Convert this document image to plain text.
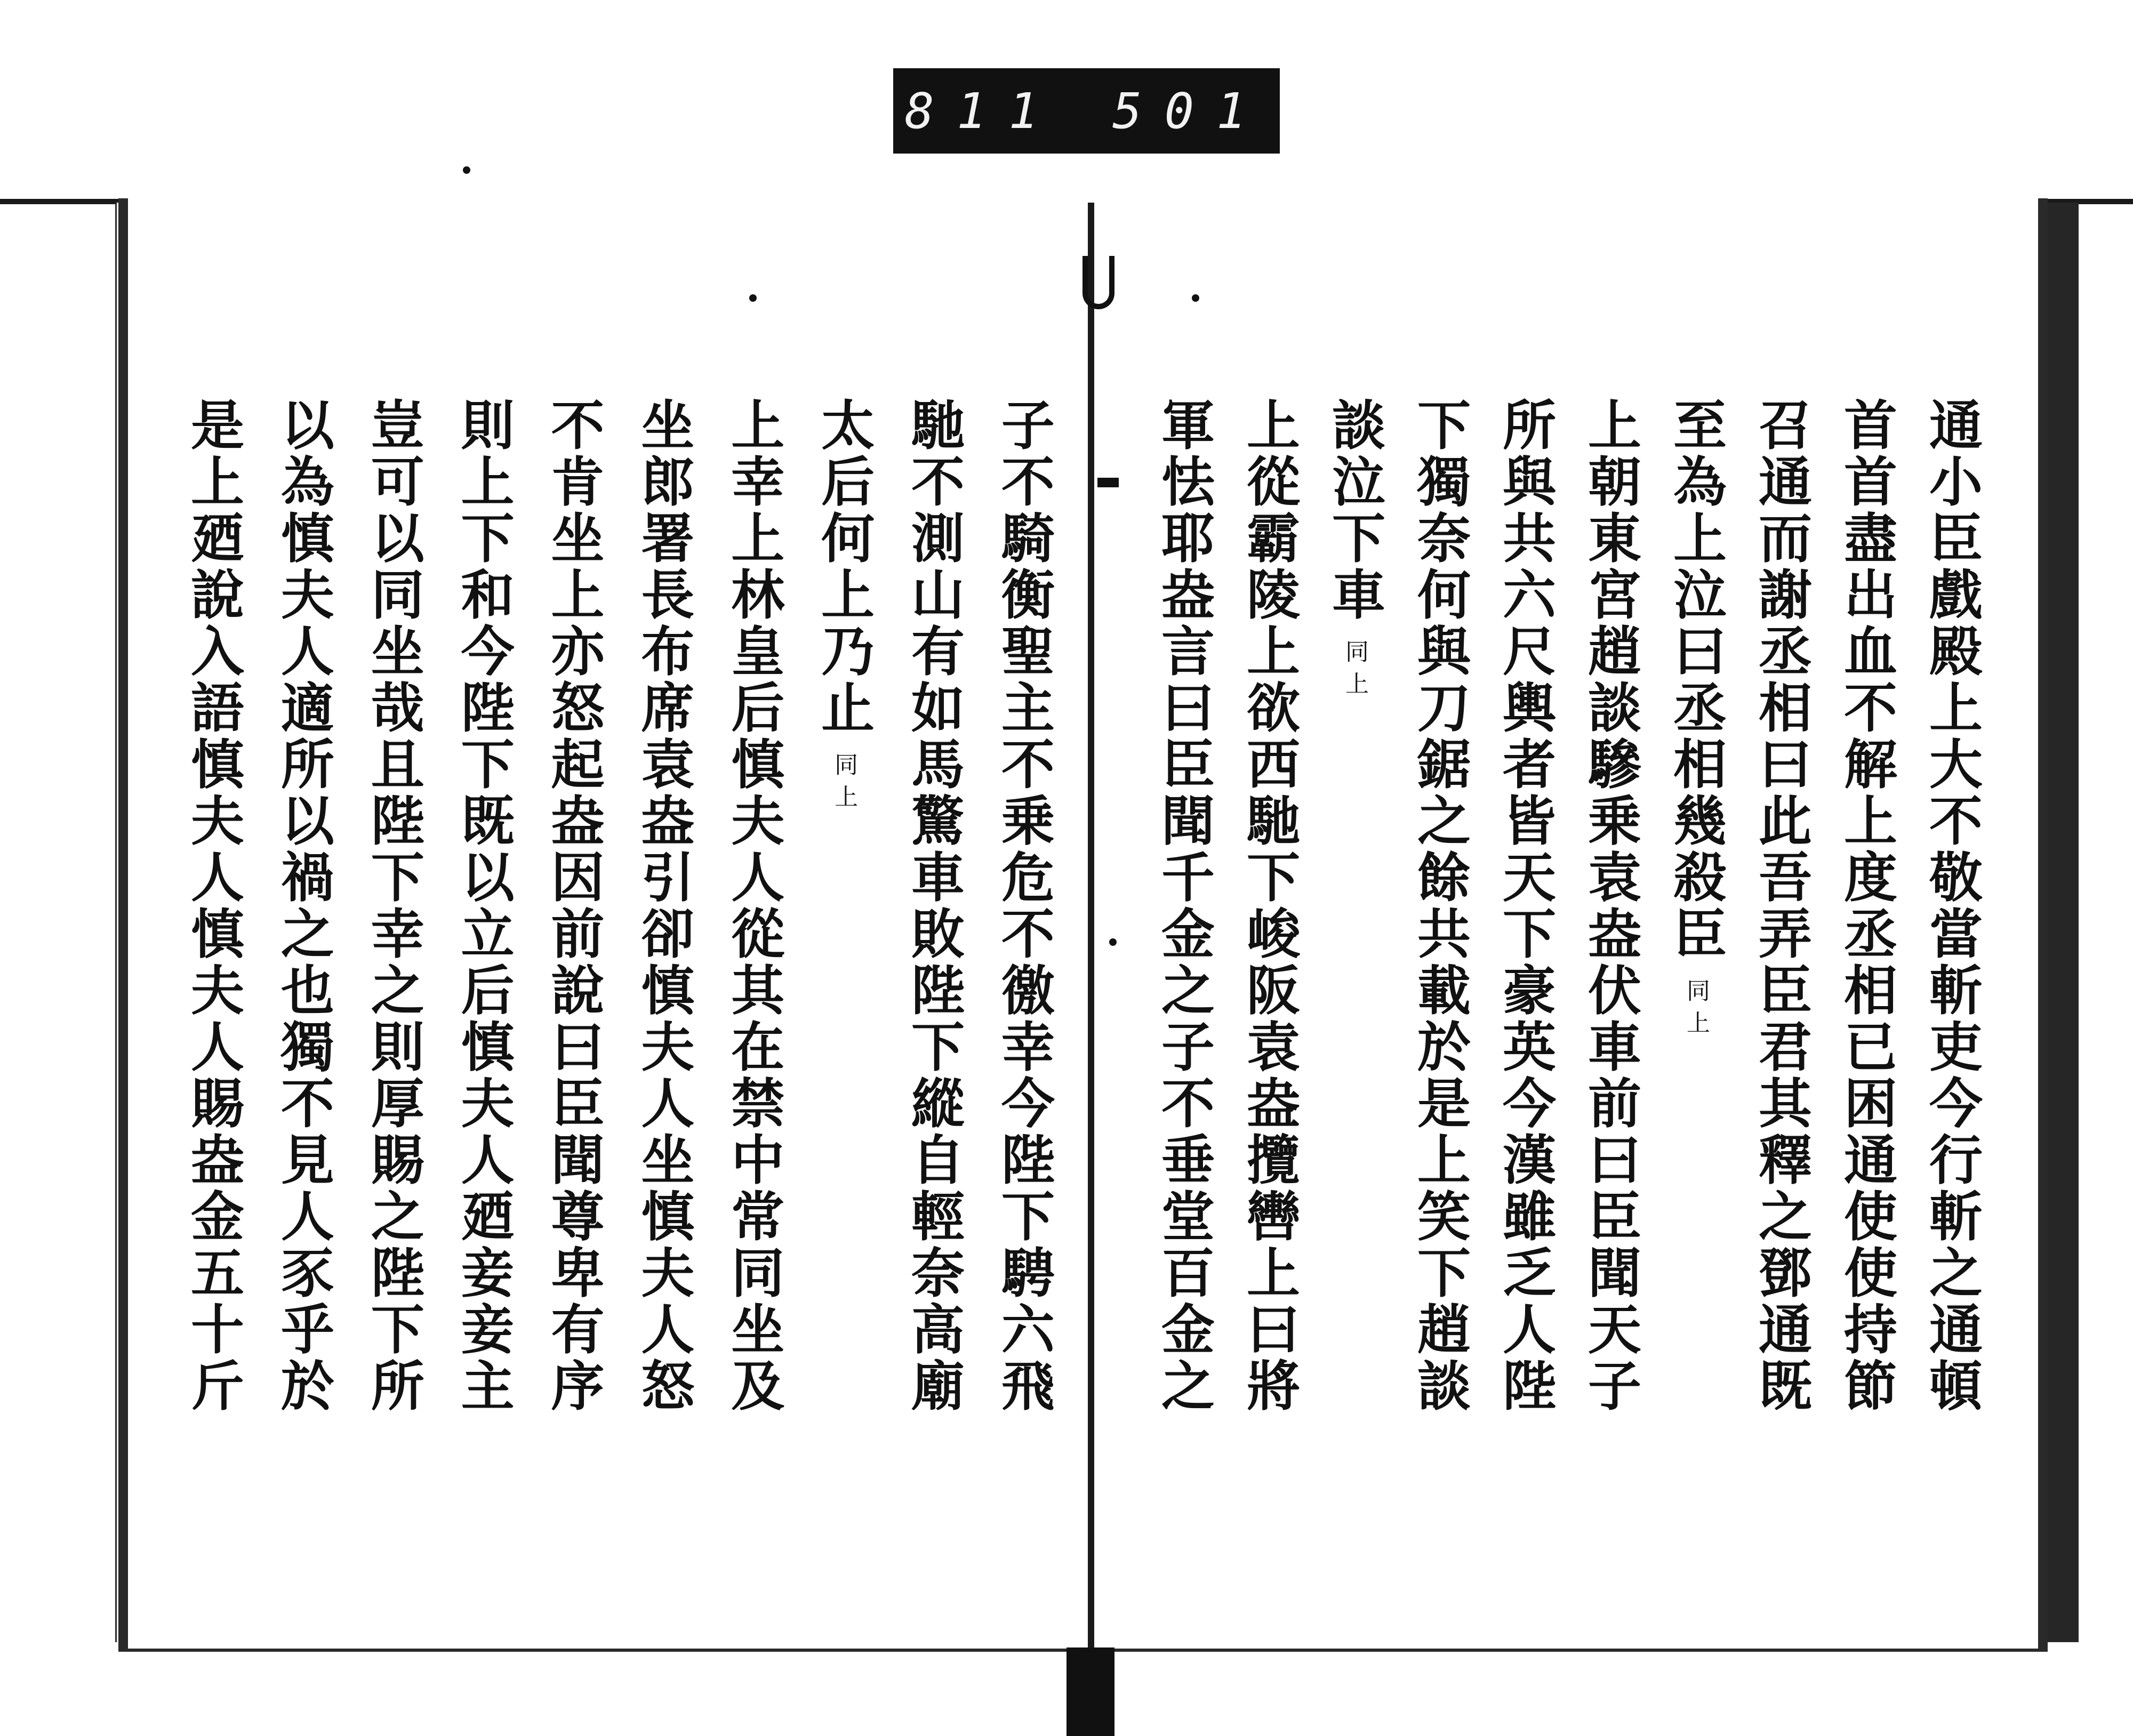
811 501
通小臣戲殿上大不敬當斬吏今行斬之通頓
首首盡出血不解上度丞相已困通使使持節
召通而謝丞相曰此吾弄臣君其釋之鄧通既
至為上泣曰丞相幾殺臣同上
上朝東宮趙談驂乗袁盎伏車前曰臣聞天子
所與共六尺輿者皆天下豪英今漢雖乏人陛
下獨奈何與刀鋸之餘共載於是上笑下趙談
談泣下車同上
上從霸陵上欲西馳下峻阪袁盎攬轡上曰將
軍怯耶盎言曰臣聞千金之子不垂堂百金之
子不騎衡聖主不乗危不徼幸今陛下騁六飛
馳不測山有如馬驚車敗陛下縱自輕奈高廟
太后何上乃止同上
上幸上林皇后慎夫人從其在禁中常同坐及
坐郎署長布席袁盎引卻慎夫人坐慎夫人怒
不肯坐上亦怒起盎因前說曰臣聞尊卑有序
則上下和今陛下既以立后慎夫人廼妾妾主
豈可以同坐哉且陛下幸之則厚賜之陛下所
以為慎夫人適所以禍之也獨不見人豕乎於
是上廼說入語慎夫人慎夫人賜盎金五十斤
